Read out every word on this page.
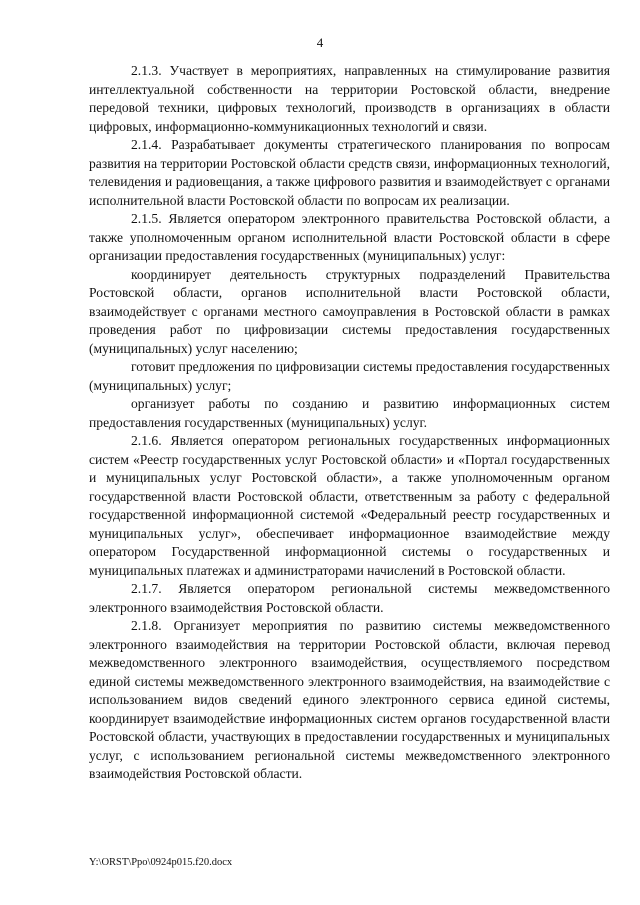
4

2.1.3. Участвует в мероприятиях, направленных на стимулирование развития интеллектуальной собственности на территории Ростовской области, внедрение передовой техники, цифровых технологий, производств в организациях в области цифровых, информационно-коммуникационных технологий и связи.

2.1.4. Разрабатывает документы стратегического планирования по вопросам развития на территории Ростовской области средств связи, информационных технологий, телевидения и радиовещания, а также цифрового развития и взаимодействует с органами исполнительной власти Ростовской области по вопросам их реализации.

2.1.5. Является оператором электронного правительства Ростовской области, а также уполномоченным органом исполнительной власти Ростовской области в сфере организации предоставления государственных (муниципальных) услуг:

координирует деятельность структурных подразделений Правительства Ростовской области, органов исполнительной власти Ростовской области, взаимодействует с органами местного самоуправления в Ростовской области в рамках проведения работ по цифровизации системы предоставления государственных (муниципальных) услуг населению;

готовит предложения по цифровизации системы предоставления государственных (муниципальных) услуг;

организует работы по созданию и развитию информационных систем предоставления государственных (муниципальных) услуг.

2.1.6. Является оператором региональных государственных информационных систем «Реестр государственных услуг Ростовской области» и «Портал государственных и муниципальных услуг Ростовской области», а также уполномоченным органом государственной власти Ростовской области, ответственным за работу с федеральной государственной информационной системой «Федеральный реестр государственных и муниципальных услуг», обеспечивает информационное взаимодействие между оператором Государственной информационной системы о государственных и муниципальных платежах и администраторами начислений в Ростовской области.

2.1.7. Является оператором региональной системы межведомственного электронного взаимодействия Ростовской области.

2.1.8. Организует мероприятия по развитию системы межведомственного электронного взаимодействия на территории Ростовской области, включая перевод межведомственного электронного взаимодействия, осуществляемого посредством единой системы межведомственного электронного взаимодействия, на взаимодействие с использованием видов сведений единого электронного сервиса единой системы, координирует взаимодействие информационных систем органов государственной власти Ростовской области, участвующих в предоставлении государственных и муниципальных услуг, с использованием региональной системы межведомственного электронного взаимодействия Ростовской области.

Y:\ORST\Ppo\0924p015.f20.docx
